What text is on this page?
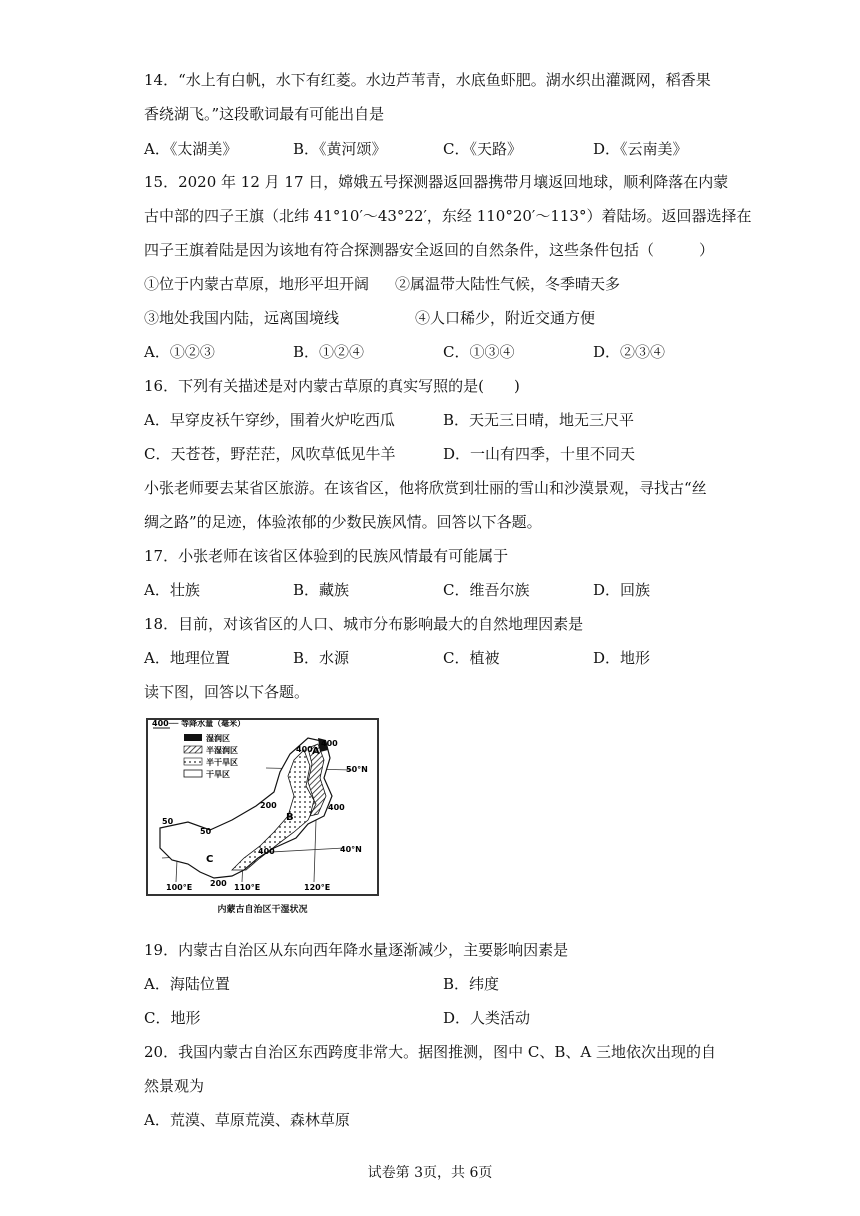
14．“水上有白帆，水下有红菱。水边芦苇青，水底鱼虾肥。湖水织出灌溉网，稻香果
香绕湖飞。”这段歌词最有可能出自是
A．《太湖美》	B．《黄河颂》	C．《天路》	D．《云南美》
15．2020 年 12 月 17 日，嫦娥五号探测器返回器携带月壤返回地球，顺利降落在内蒙
古中部的四子王旗（北纬 41°10′～43°22′，东经 110°20′～113°）着陆场。返回器选择在
四子王旗着陆是因为该地有符合探测器安全返回的自然条件，这些条件包括（　　　）
①位于内蒙古草原，地形平坦开阔 ②属温带大陆性气候，冬季晴天多
③地处我国内陆，远离国境线	④人口稀少，附近交通方便
A．①②③	B．①②④	C．①③④	D．②③④
16．下列有关描述是对内蒙古草原的真实写照的是(　　)
A．早穿皮袄午穿纱，围着火炉吃西瓜	B．天无三日晴，地无三尺平
C．天苍苍，野茫茫，风吹草低见牛羊	D．一山有四季，十里不同天
小张老师要去某省区旅游。在该省区，他将欣赏到壮丽的雪山和沙漠景观，寻找古“丝
绸之路”的足迹，体验浓郁的少数民族风情。回答以下各题。
17．小张老师在该省区体验到的民族风情最有可能属于
A．壮族	B．藏族	C．维吾尔族	D．回族
18．目前，对该省区的人口、城市分布影响最大的自然地理因素是
A．地理位置	B．水源	C．植被	D．地形
读下图，回答以下各题。
400── 等降水量（毫米）
湿润区
半湿润区
半干旱区
干旱区
400
400
400
200
200
50
50
400
A
B
C
50°N
40°N
100°E	110°E	120°E
内蒙古自治区干湿状况
19．内蒙古自治区从东向西年降水量逐渐减少，主要影响因素是
A．海陆位置	B．纬度
C．地形	D．人类活动
20．我国内蒙古自治区东西跨度非常大。据图推测，图中 C、B、A 三地依次出现的自
然景观为
A．荒漠、草原荒漠、森林草原
试卷第 3页，共 6页
